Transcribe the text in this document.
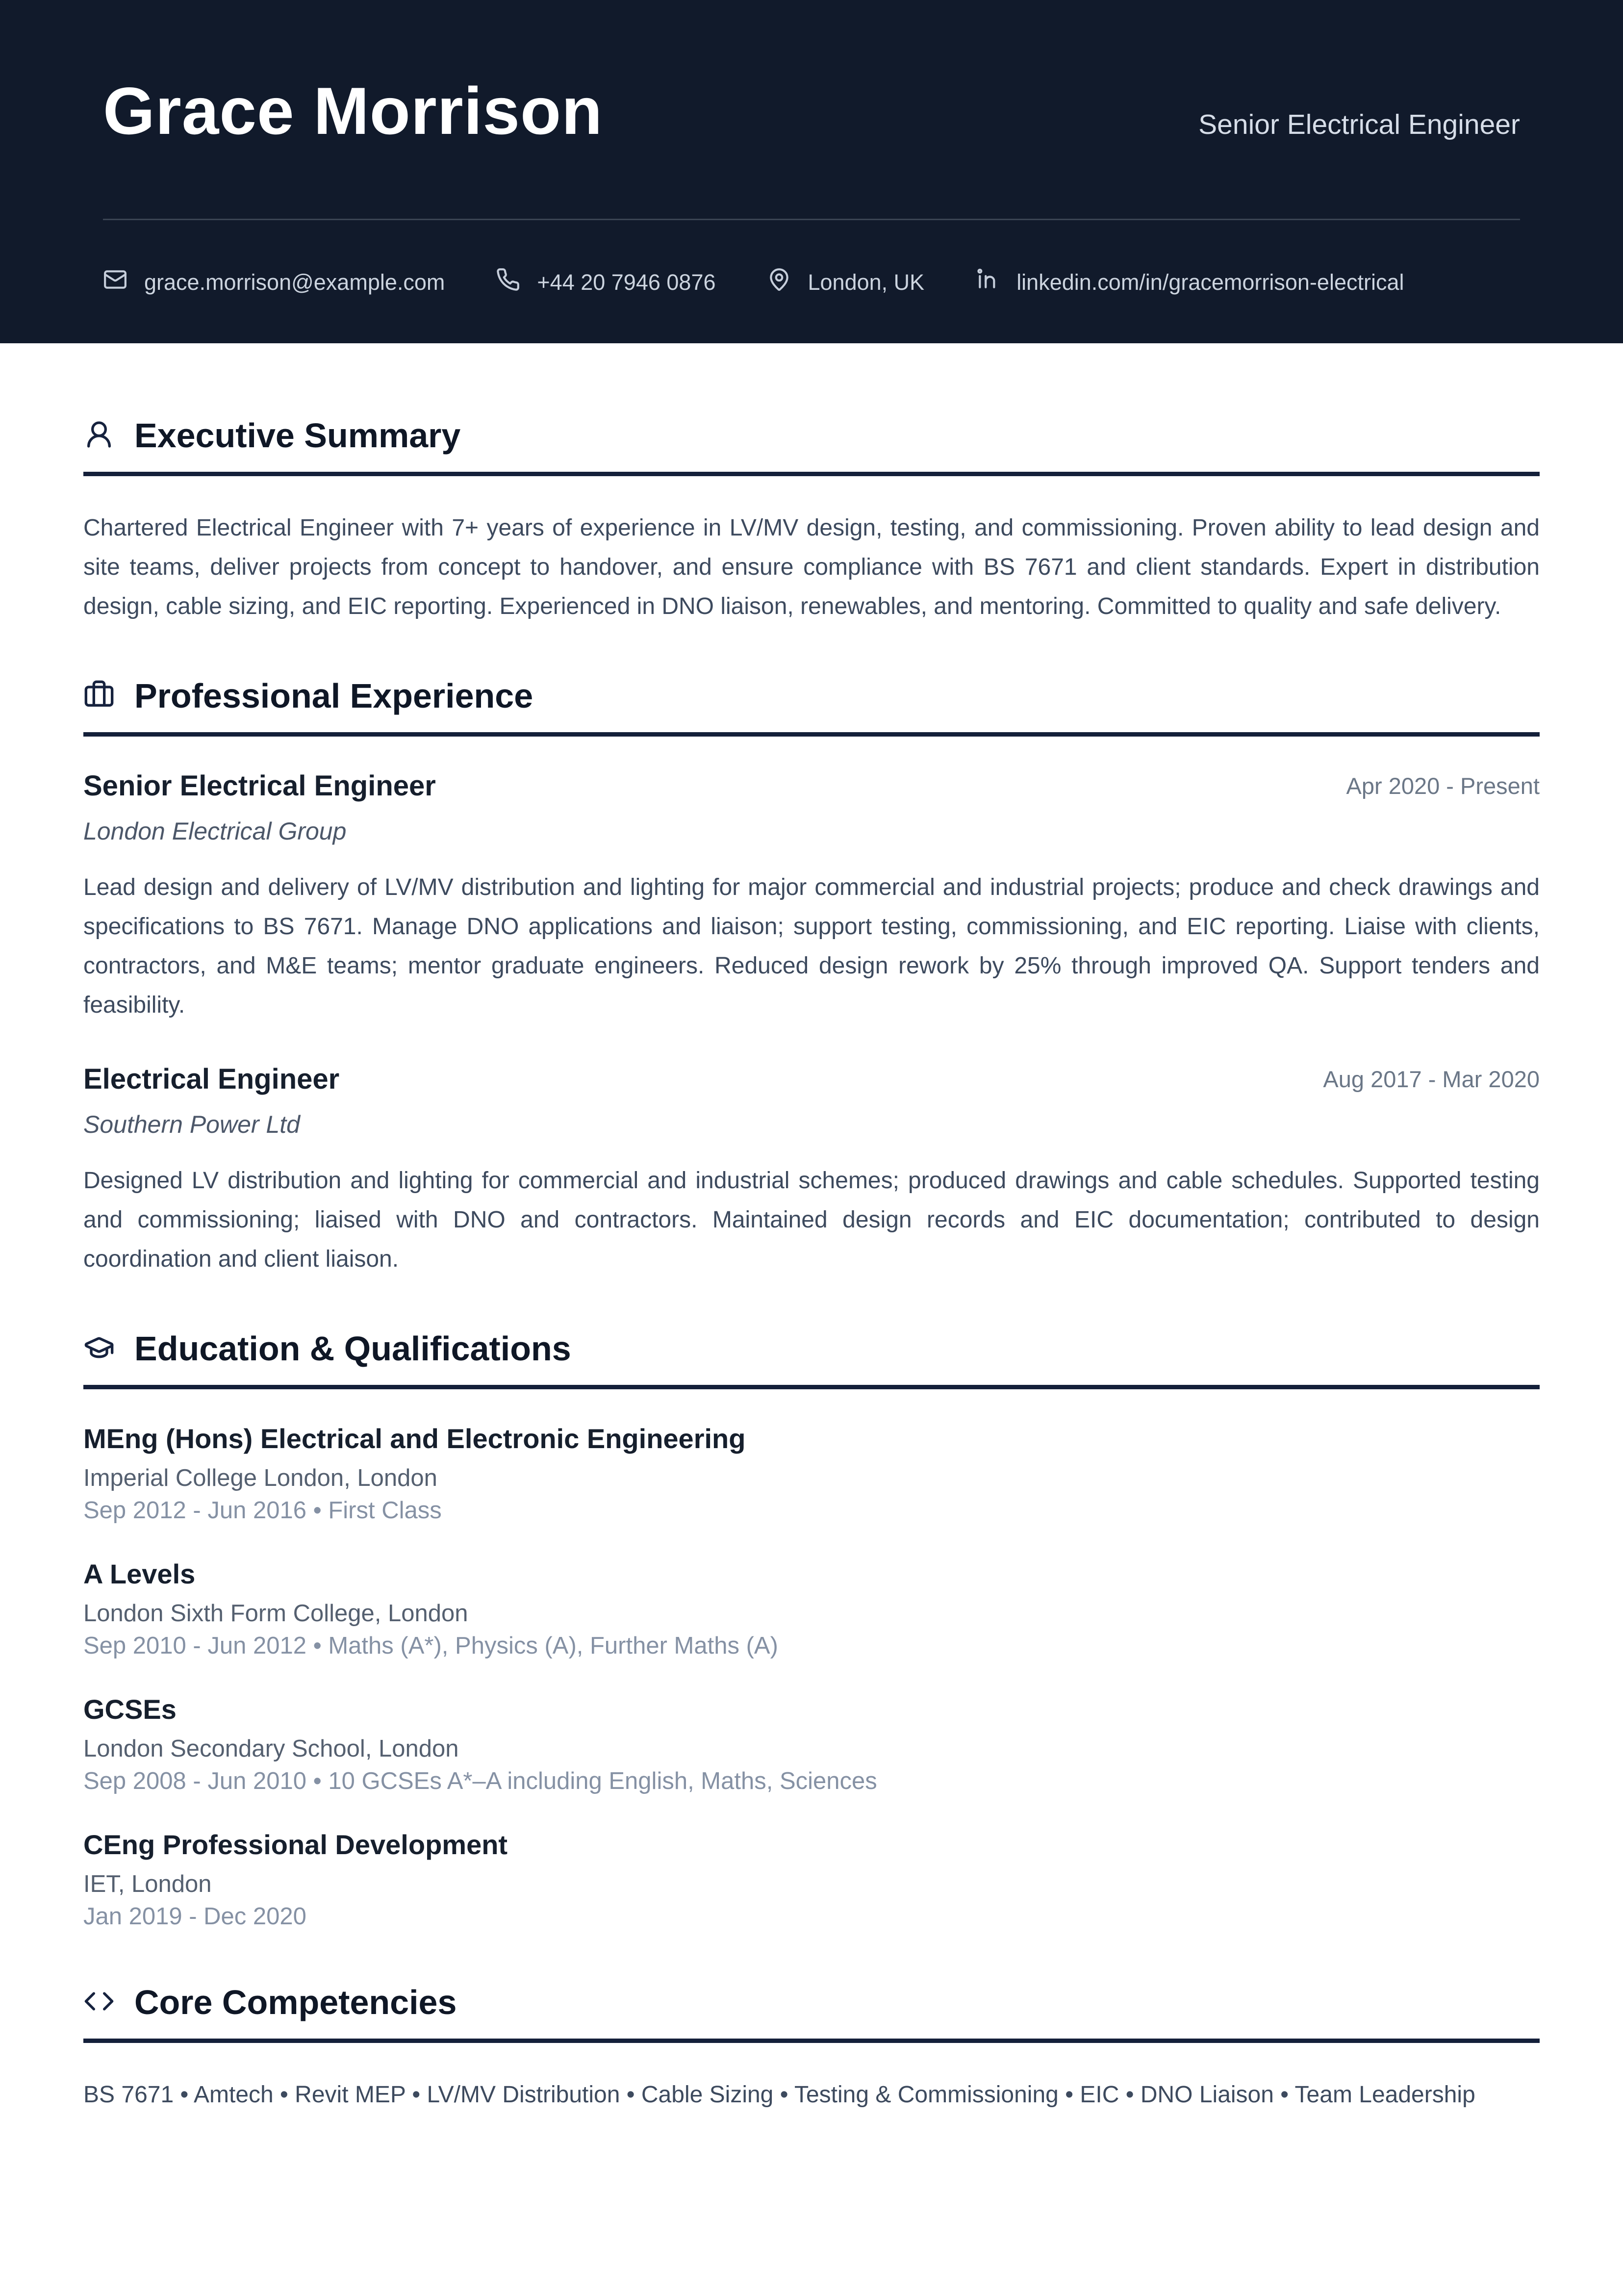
Grace Morrison	Senior Electrical Engineer
grace.morrison@example.com	+44 20 7946 0876	London, UK	linkedin.com/in/gracemorrison-electrical
Executive Summary

Chartered Electrical Engineer with 7+ years of experience in LV/MV design, testing, and commissioning. Proven ability to lead design and site teams, deliver projects from concept to handover, and ensure compliance with BS 7671 and client standards. Expert in distribution design, cable sizing, and EIC reporting. Experienced in DNO liaison, renewables, and mentoring. Committed to quality and safe delivery.

Professional Experience
Senior Electrical Engineer	Apr 2020 - Present
London Electrical Group

Lead design and delivery of LV/MV distribution and lighting for major commercial and industrial projects; produce and check drawings and specifications to BS 7671. Manage DNO applications and liaison; support testing, commissioning, and EIC reporting. Liaise with clients, contractors, and M&E teams; mentor graduate engineers. Reduced design rework by 25% through improved QA. Support tenders and feasibility.

Electrical Engineer	Aug 2017 - Mar 2020
Southern Power Ltd

Designed LV distribution and lighting for commercial and industrial schemes; produced drawings and cable schedules. Supported testing and commissioning; liaised with DNO and contractors. Maintained design records and EIC documentation; contributed to design coordination and client liaison.

Education & Qualifications
MEng (Hons) Electrical and Electronic Engineering
Imperial College London, London
Sep 2012 - Jun 2016 • First Class
A Levels
London Sixth Form College, London
Sep 2010 - Jun 2012 • Maths (A*), Physics (A), Further Maths (A)
GCSEs
London Secondary School, London
Sep 2008 - Jun 2010 • 10 GCSEs A*–A including English, Maths, Sciences
CEng Professional Development
IET, London
Jan 2019 - Dec 2020
Core Competencies

BS 7671 • Amtech • Revit MEP • LV/MV Distribution • Cable Sizing • Testing & Commissioning • EIC • DNO Liaison • Team Leadership
